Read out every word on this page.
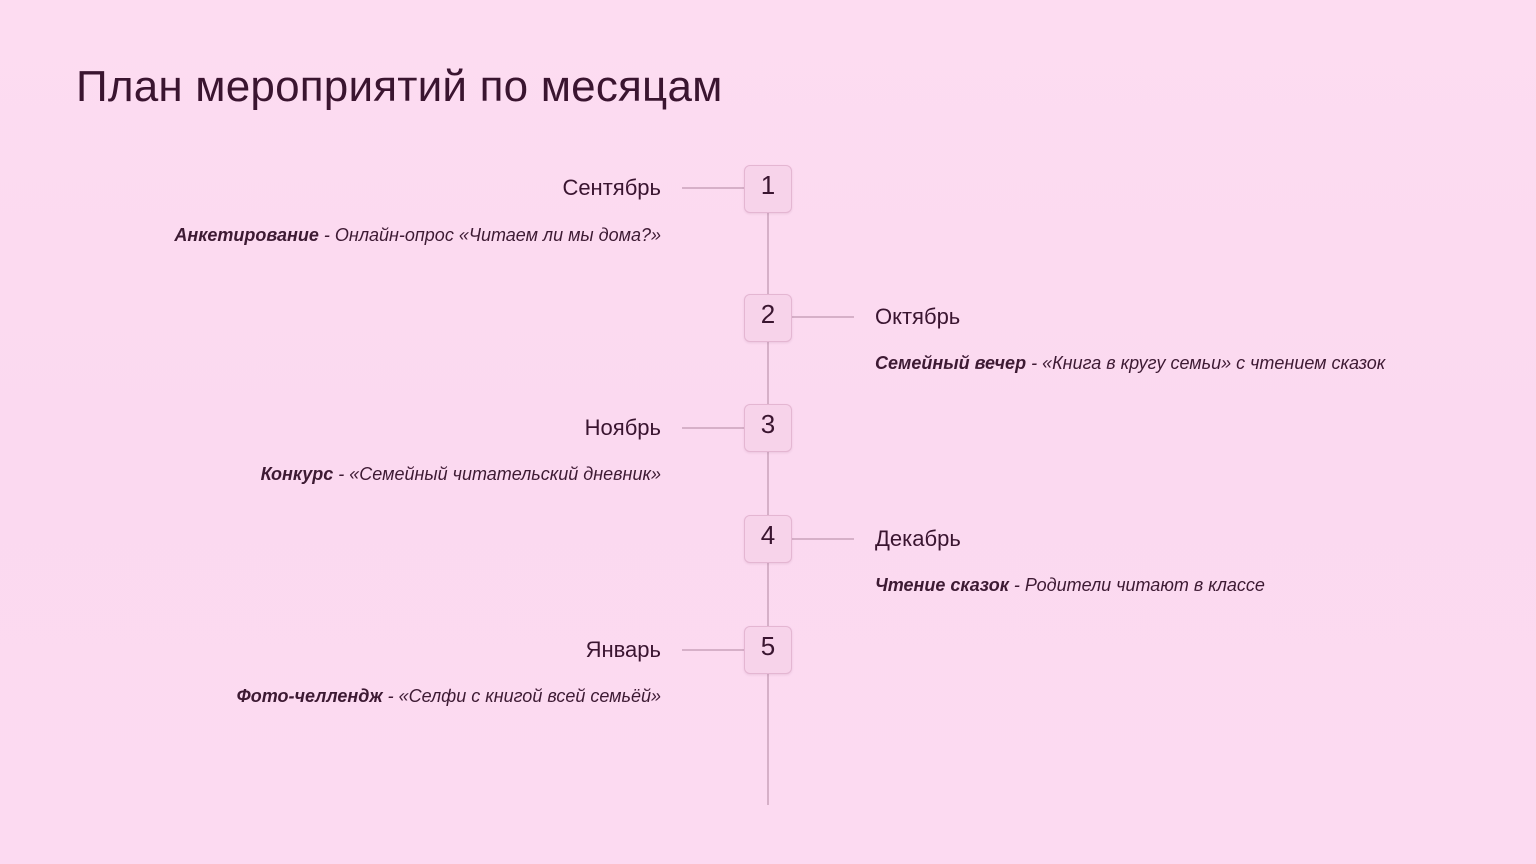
План мероприятий по месяцам
1
Сентябрь
Анкетирование - Онлайн-опрос «Читаем ли мы дома?»
2	Октябрь
Семейный вечер - «Книга в кругу семьи» с чтением сказок
3
Ноябрь
Конкурс - «Семейный читательский дневник»
4	Декабрь
Чтение сказок - Родители читают в классе
5
Январь
Фото-челлендж - «Селфи с книгой всей семьёй»
